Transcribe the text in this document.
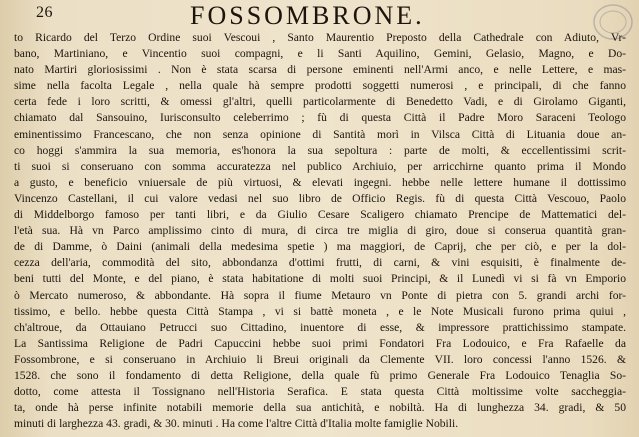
26	FOSSOMBRONE.
to Ricardo del Terzo Ordine suoi Vescoui , Santo Maurentio Preposto della Cathedrale con Adiuto, Vr-
bano, Martiniano, e Vincentio suoi compagni, e li Santi Aquilino, Gemini, Gelasio, Magno, e Do-
nato Martiri gloriosissimi . Non è stata scarsa di persone eminenti nell'Armi anco, e nelle Lettere, e mas-
sime nella facolta Legale , nella quale hà sempre prodotti soggetti numerosi , e principali, di che fanno
certa fede i loro scritti, & omessi gl'altri, quelli particolarmente di Benedetto Vadi, e di Girolamo Giganti,
chiamato dal Sansouino, Iurisconsulto celeberrimo ; fù di questa Città il Padre Moro Saraceni Teologo
eminentissimo Francescano, che non senza opinione di Santità morì in Vilsca Città di Lituania doue an-
co hoggi s'ammira la sua memoria, es'honora la sua sepoltura : parte de molti, & eccellentissimi scrit-
ti suoi si conseruano con somma accuratezza nel publico Archiuio, per arricchirne quanto prima il Mondo
a gusto, e beneficio vniuersale de più virtuosi, & elevati ingegni. hebbe nelle lettere humane il dottissimo
Vincenzo Castellani, il cui valore vedasi nel suo libro de Officio Regis. fù di questa Città Vescouo, Paolo
di Middelborgo famoso per tanti libri, e da Giulio Cesare Scaligero chiamato Prencipe de Mattematici del-
l'età sua. Hà vn Parco amplissimo cinto di mura, di circa tre miglia di giro, doue si conserua quantità gran-
de di Damme, ò Daini (animali della medesima spetie ) ma maggiori, de Caprij, che per ciò, e per la dol-
cezza dell'aria, commodità del sito, abbondanza d'ottimi frutti, di carni, & vini esquisiti, è finalmente de-
beni tutti del Monte, e del piano, è stata habitatione di molti suoi Principi, & il Lunedì vi si fà vn Emporio
ò Mercato numeroso, & abbondante. Hà sopra il fiume Metauro vn Ponte di pietra con 5. grandi archi for-
tissimo, e bello. hebbe questa Città Stampa , vi si battè moneta , e le Note Musicali furono prima quiui ,
ch'altroue, da Ottauiano Petrucci suo Cittadino, inuentore di esse, & impressore prattichissimo stampate.
La Santissima Religione de Padri Capuccini hebbe suoi primi Fondatori Fra Lodouico, e Fra Rafaelle da
Fossombrone, e si conseruano in Archiuio li Breui originali da Clemente VII. loro concessi l'anno 1526. &
1528. che sono il fondamento di detta Religione, della quale fù primo Generale Fra Lodouico Tenaglia So-
dotto, come attesta il Tossignano nell'Historia Serafica. E stata questa Città moltissime volte saccheggia-
ta, onde hà perse infinite notabili memorie della sua antichità, e nobiltà. Ha di lunghezza 34. gradi, & 50
minuti di larghezza 43. gradi, & 30. minuti . Ha come l'altre Città d'Italia molte famiglie Nobili.
